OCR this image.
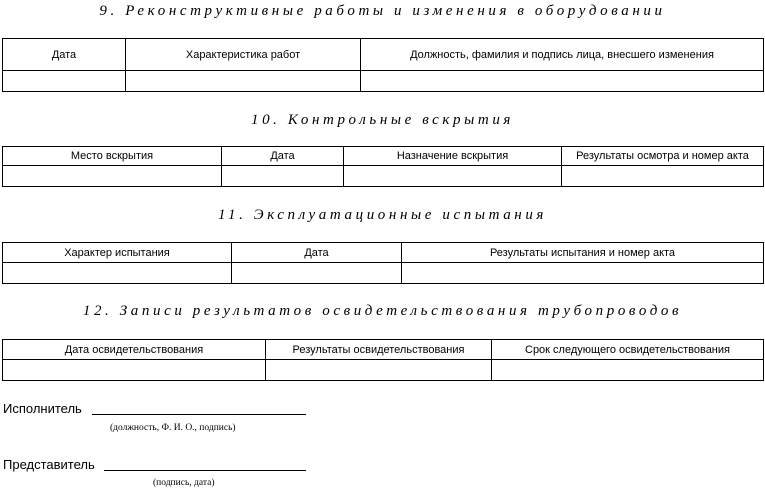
9. Реконструктивные работы и изменения в оборудовании
Дата	Характеристика работ	Должность, фамилия и подпись лица, внесшего изменения

10. Контрольные вскрытия
Место вскрытия	Дата	Назначение вскрытия	Результаты осмотра и номер акта

11. Эксплуатационные испытания
Характер испытания	Дата	Результаты испытания и номер акта

12. Записи результатов освидетельствования трубопроводов
Дата освидетельствования	Результаты освидетельствования	Срок следующего освидетельствования

Исполнитель
(должность, Ф. И. О., подпись)
Представитель
(подпись, дата)
